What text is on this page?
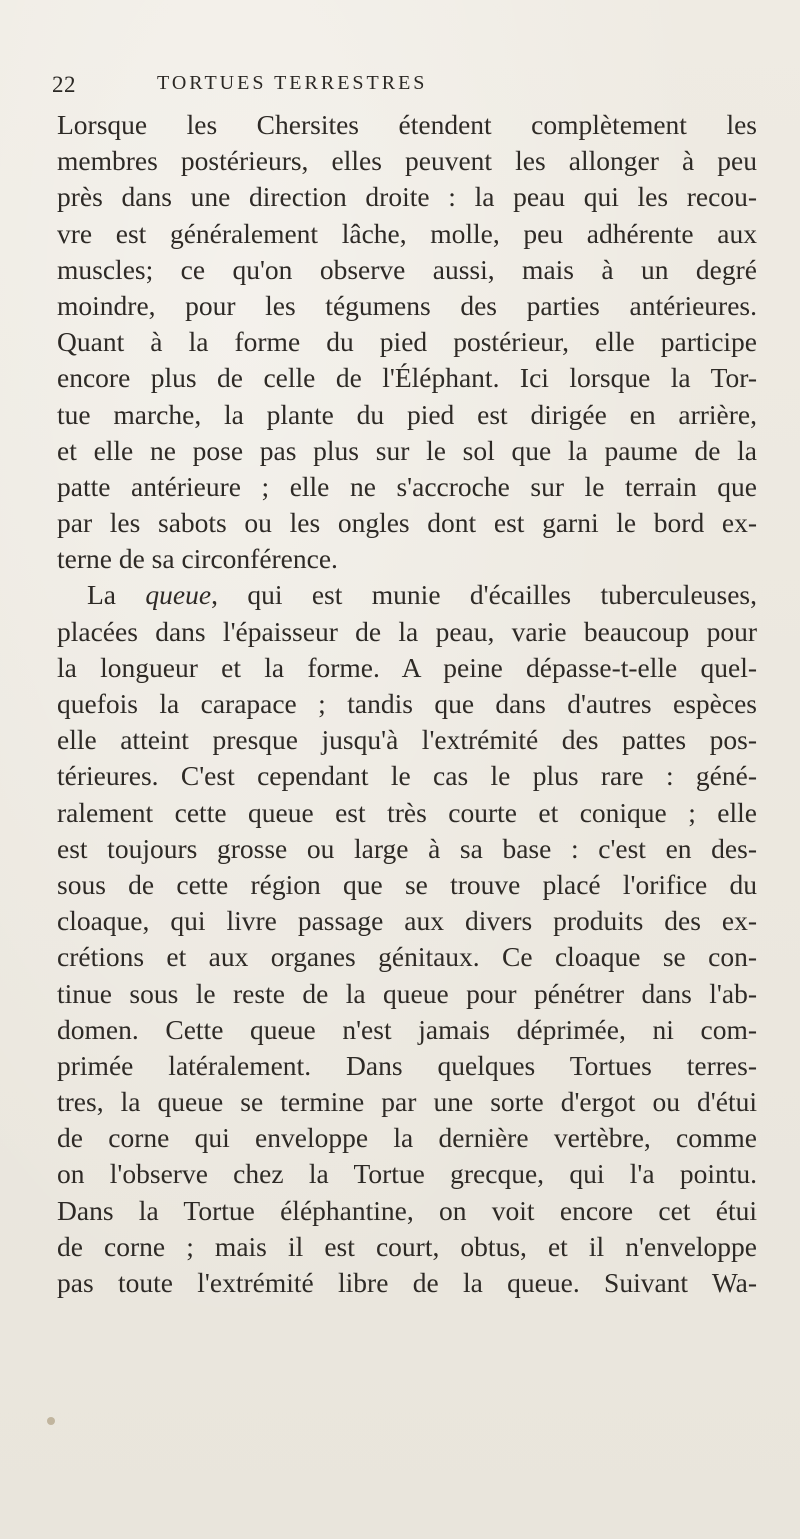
22	TORTUES TERRESTRES
Lorsque les Chersites étendent complètement les
membres postérieurs, elles peuvent les allonger à peu
près dans une direction droite : la peau qui les recou-
vre est généralement lâche, molle, peu adhérente aux
muscles; ce qu'on observe aussi, mais à un degré
moindre, pour les tégumens des parties antérieures.
Quant à la forme du pied postérieur, elle participe
encore plus de celle de l'Éléphant. Ici lorsque la Tor-
tue marche, la plante du pied est dirigée en arrière,
et elle ne pose pas plus sur le sol que la paume de la
patte antérieure ; elle ne s'accroche sur le terrain que
par les sabots ou les ongles dont est garni le bord ex-
terne de sa circonférence.
La queue, qui est munie d'écailles tuberculeuses,
placées dans l'épaisseur de la peau, varie beaucoup pour
la longueur et la forme. A peine dépasse-t-elle quel-
quefois la carapace ; tandis que dans d'autres espèces
elle atteint presque jusqu'à l'extrémité des pattes pos-
térieures. C'est cependant le cas le plus rare : géné-
ralement cette queue est très courte et conique ; elle
est toujours grosse ou large à sa base : c'est en des-
sous de cette région que se trouve placé l'orifice du
cloaque, qui livre passage aux divers produits des ex-
crétions et aux organes génitaux. Ce cloaque se con-
tinue sous le reste de la queue pour pénétrer dans l'ab-
domen. Cette queue n'est jamais déprimée, ni com-
primée latéralement. Dans quelques Tortues terres-
tres, la queue se termine par une sorte d'ergot ou d'étui
de corne qui enveloppe la dernière vertèbre, comme
on l'observe chez la Tortue grecque, qui l'a pointu.
Dans la Tortue éléphantine, on voit encore cet étui
de corne ; mais il est court, obtus, et il n'enveloppe
pas toute l'extrémité libre de la queue. Suivant Wa-
